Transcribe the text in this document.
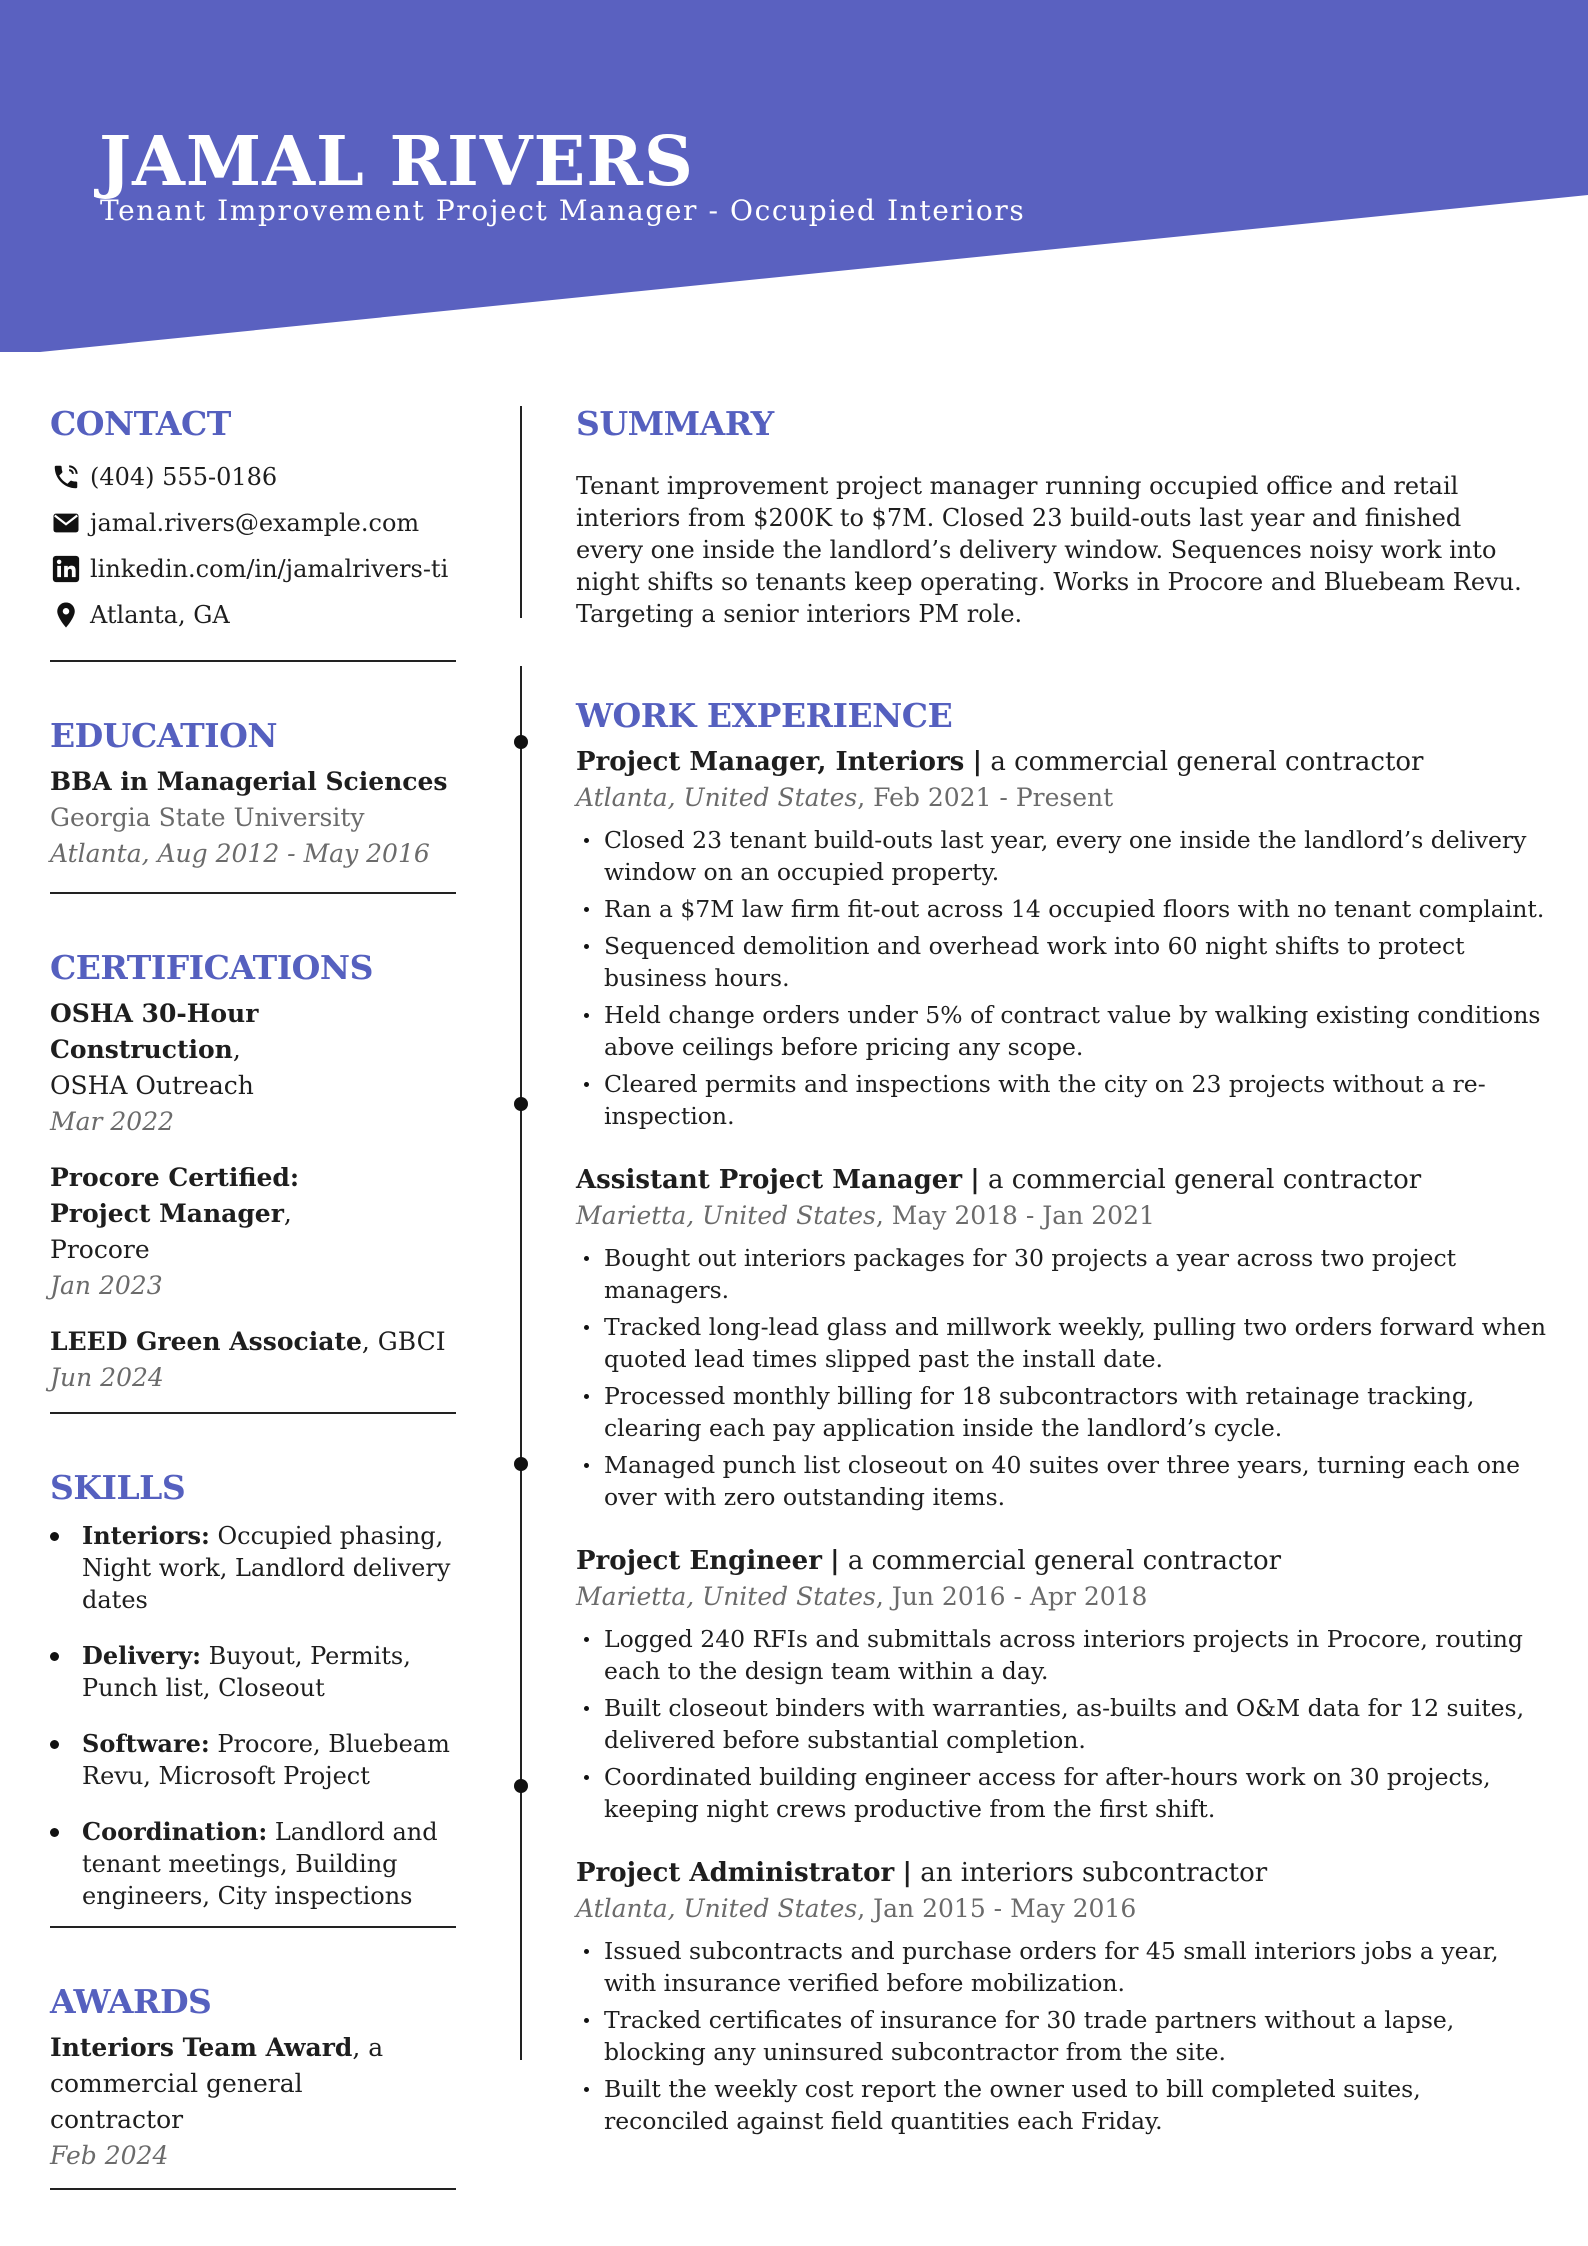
JAMAL RIVERS
Tenant Improvement Project Manager - Occupied Interiors
CONTACT
(404) 555-0186
jamal.rivers@example.com
linkedin.com/in/jamalrivers-ti
Atlanta, GA
EDUCATION
BBA in Managerial Sciences
Georgia State University
Atlanta, Aug 2012 - May 2016
CERTIFICATIONS
OSHA 30-Hour Construction,
OSHA Outreach
Mar 2022
Procore Certified: Project Manager, Procore
Jan 2023
LEED Green Associate, GBCI
Jun 2024
SKILLS
Interiors: Occupied phasing, Night work, Landlord delivery dates
Delivery: Buyout, Permits, Punch list, Closeout
Software: Procore, Bluebeam Revu, Microsoft Project
Coordination: Landlord and tenant meetings, Building engineers, City inspections
AWARDS
Interiors Team Award, a commercial general contractor
Feb 2024
SUMMARY
Tenant improvement project manager running occupied office and retail interiors from $200K to $7M. Closed 23 build-outs last year and finished every one inside the landlord’s delivery window. Sequences noisy work into night shifts so tenants keep operating. Works in Procore and Bluebeam Revu. Targeting a senior interiors PM role.
WORK EXPERIENCE
Project Manager, Interiors | a commercial general contractor
Atlanta, United States, Feb 2021 - Present
Closed 23 tenant build-outs last year, every one inside the landlord’s delivery window on an occupied property.
Ran a $7M law firm fit-out across 14 occupied floors with no tenant complaint.
Sequenced demolition and overhead work into 60 night shifts to protect business hours.
Held change orders under 5% of contract value by walking existing conditions above ceilings before pricing any scope.
Cleared permits and inspections with the city on 23 projects without a re-inspection.
Assistant Project Manager | a commercial general contractor
Marietta, United States, May 2018 - Jan 2021
Bought out interiors packages for 30 projects a year across two project managers.
Tracked long-lead glass and millwork weekly, pulling two orders forward when quoted lead times slipped past the install date.
Processed monthly billing for 18 subcontractors with retainage tracking, clearing each pay application inside the landlord’s cycle.
Managed punch list closeout on 40 suites over three years, turning each one over with zero outstanding items.
Project Engineer | a commercial general contractor
Marietta, United States, Jun 2016 - Apr 2018
Logged 240 RFIs and submittals across interiors projects in Procore, routing each to the design team within a day.
Built closeout binders with warranties, as-builts and O&M data for 12 suites, delivered before substantial completion.
Coordinated building engineer access for after-hours work on 30 projects, keeping night crews productive from the first shift.
Project Administrator | an interiors subcontractor
Atlanta, United States, Jan 2015 - May 2016
Issued subcontracts and purchase orders for 45 small interiors jobs a year, with insurance verified before mobilization.
Tracked certificates of insurance for 30 trade partners without a lapse, blocking any uninsured subcontractor from the site.
Built the weekly cost report the owner used to bill completed suites, reconciled against field quantities each Friday.
